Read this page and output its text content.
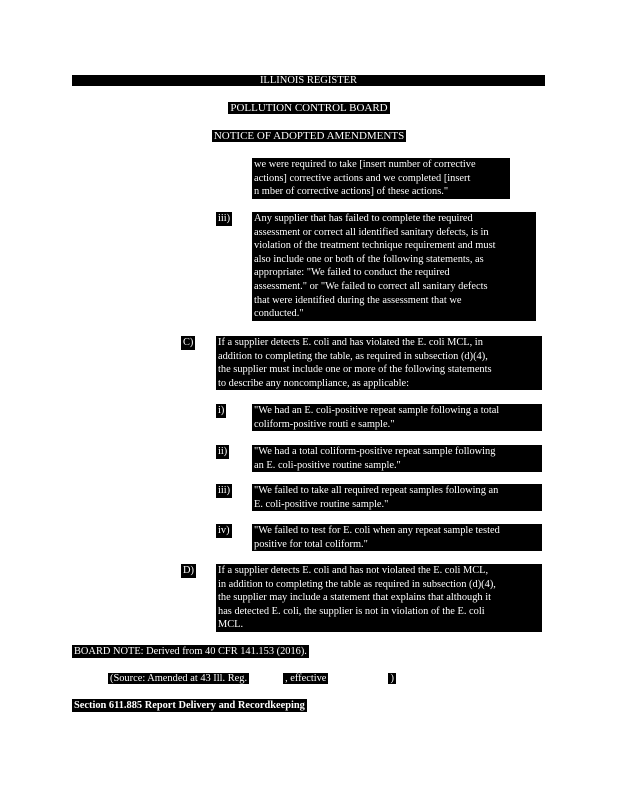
ILLINOIS REGISTER
POLLUTION CONTROL BOARD
NOTICE OF ADOPTED AMENDMENTS
we were required to take [insert number of corrective
actions] corrective actions and we completed [insert
n mber of corrective actions] of these actions."
iii) Any supplier that has failed to complete the required
assessment or correct all identified sanitary defects, is in
violation of the treatment technique requirement and must
also include one or both of the following statements, as
appropriate: "We failed to conduct the required
assessment." or "We failed to correct all sanitary defects
that were identified during the assessment that we
conducted."
C) If a supplier detects E. coli and has violated the E. coli MCL, in
addition to completing the table, as required in subsection (d)(4),
the supplier must include one or more of the following statements
to describe any noncompliance, as applicable:
i)	"We had an E. coli-positive repeat sample following a total
coliform-positive routi e sample."
ii)	"We had a total coliform-positive repeat sample following
an E. coli-positive routine sample."
iii) "We failed to take all required repeat samples following an
E. coli-positive routine sample."
iv) "We failed to test for E. coli when any repeat sample tested
positive for total coliform."
D) If a supplier detects E. coli and has not violated the E. coli MCL,
in addition to completing the table as required in subsection (d)(4),
the supplier may include a statement that explains that although it
has detected E. coli, the supplier is not in violation of the E. coli
MCL.
BOARD NOTE: Derived from 40 CFR 141.153 (2016).
(Source: Amended at 43 Ill. Reg.	, effective	)
Section 611.885 Report Delivery and Recordkeeping
